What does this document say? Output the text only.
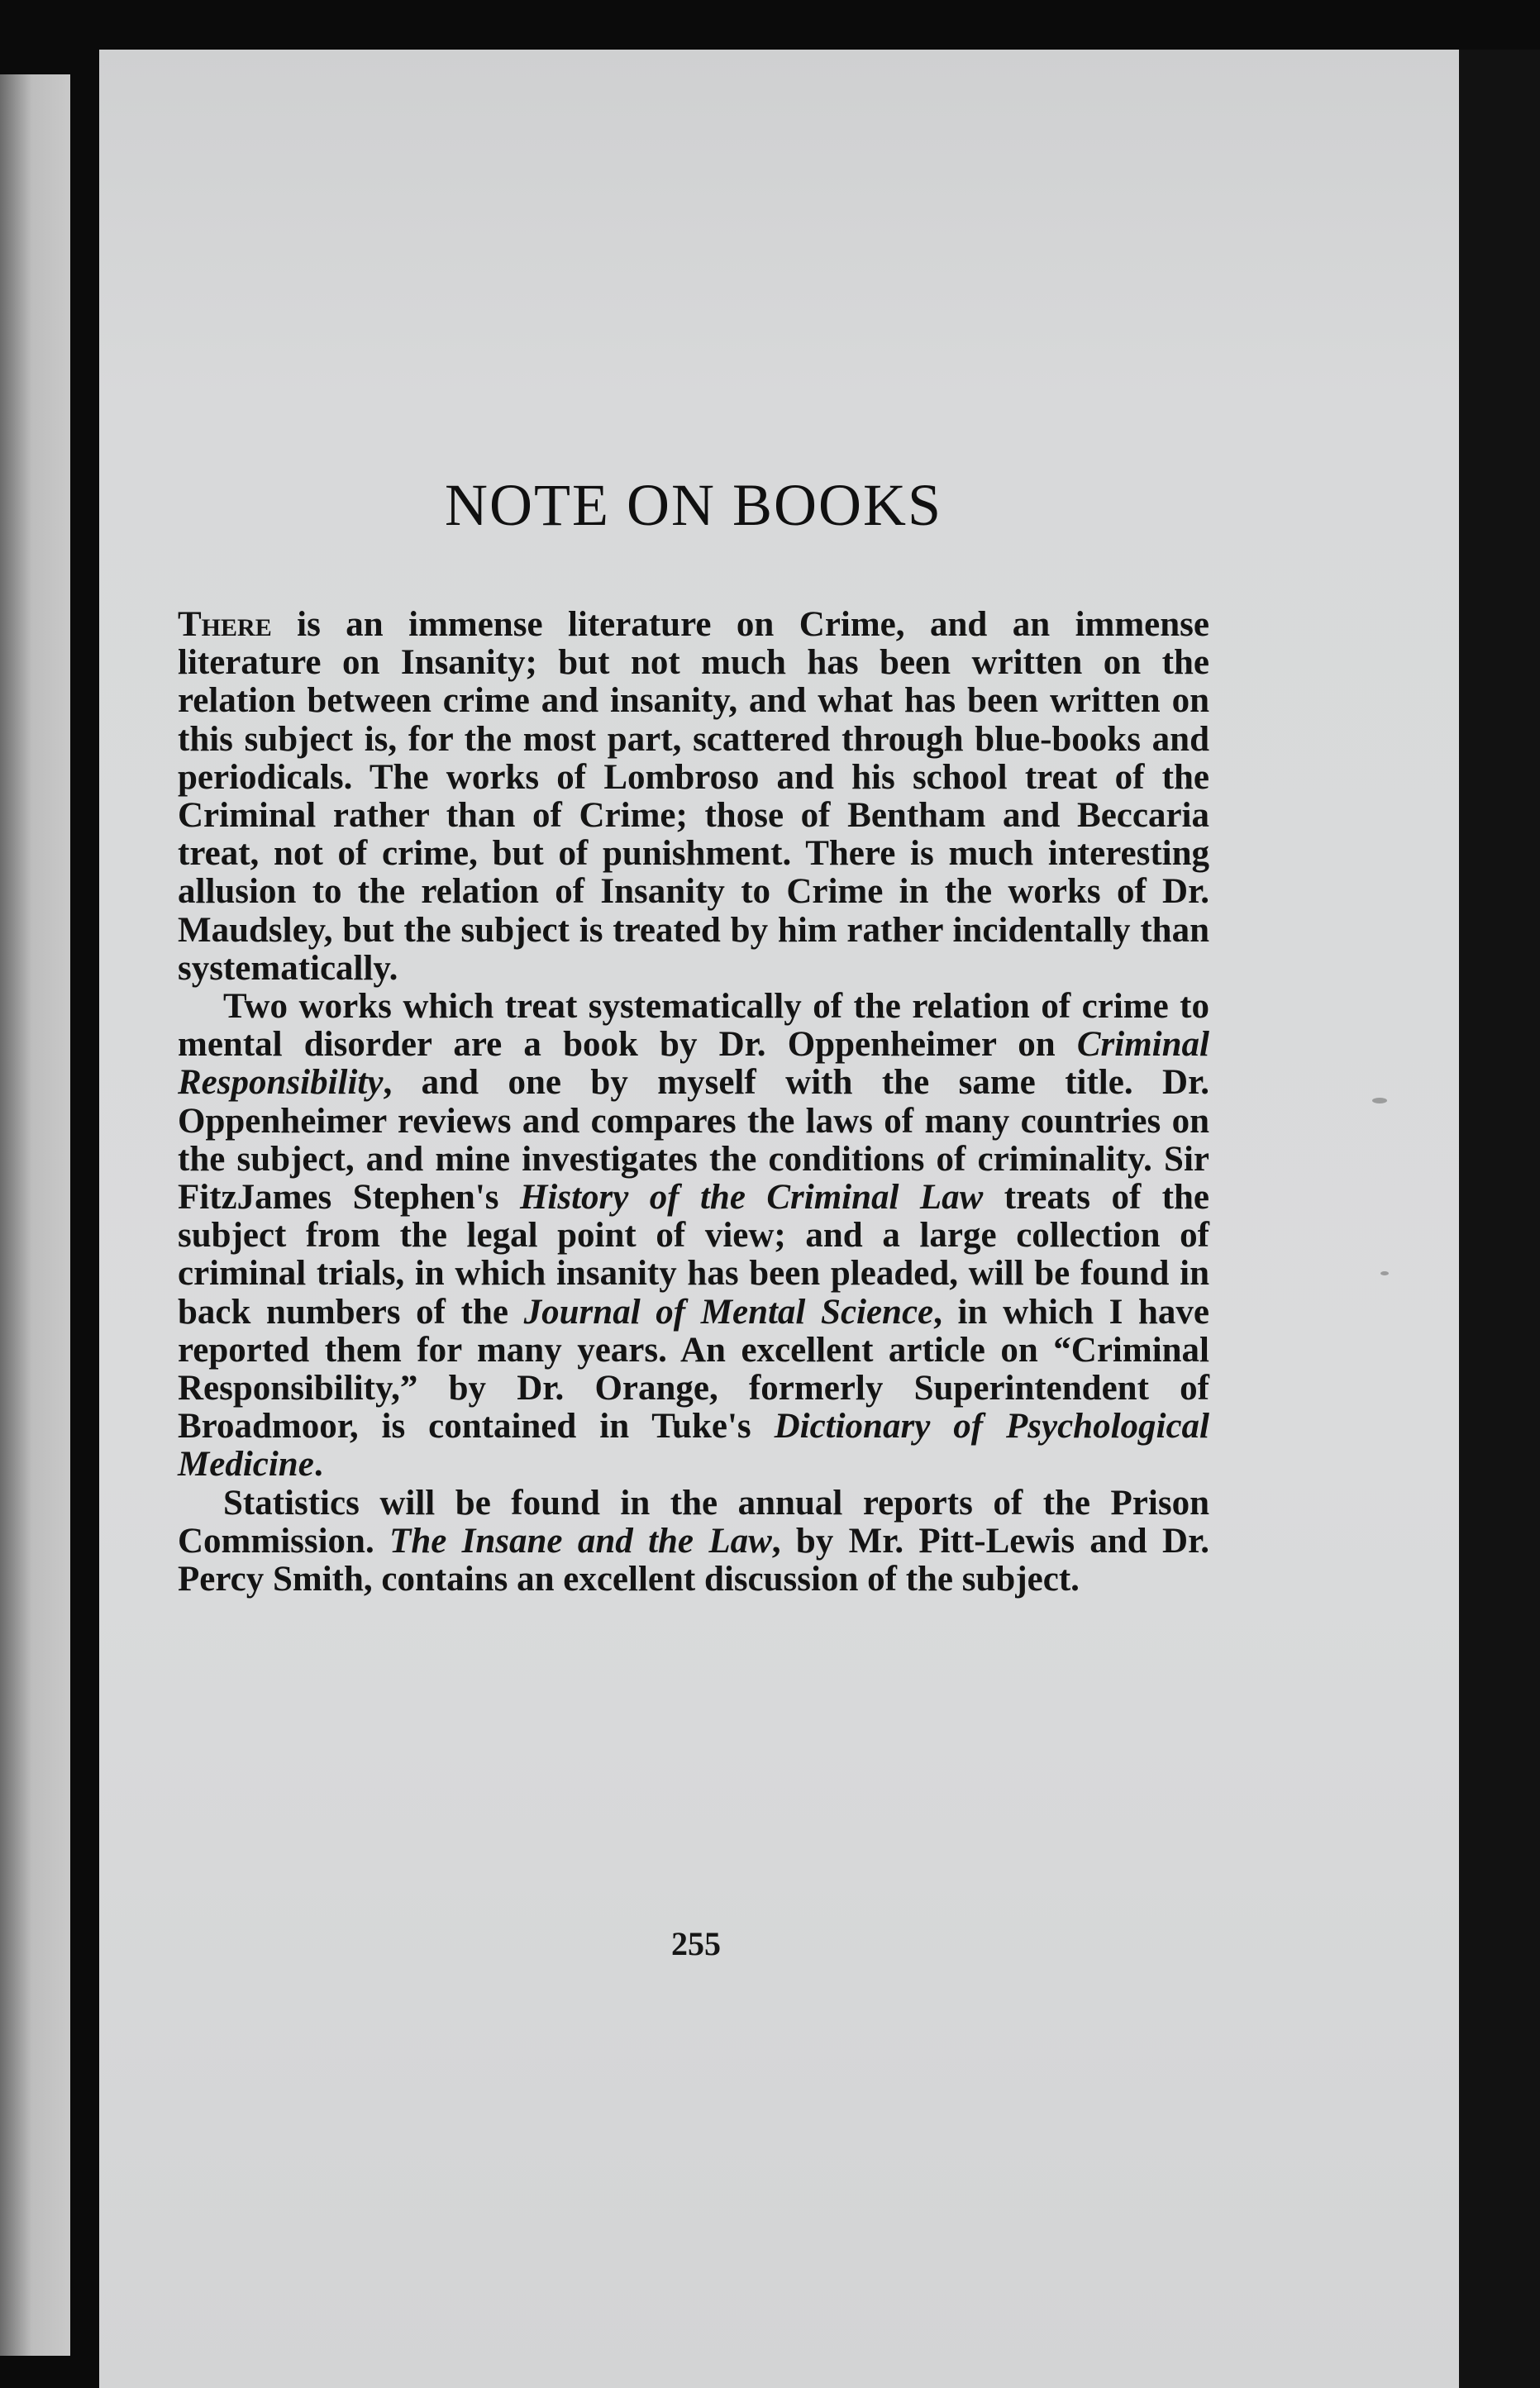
NOTE ON BOOKS

There is an immense literature on Crime, and an immense literature on Insanity; but not much has been written on the relation between crime and insanity, and what has been written on this subject is, for the most part, scattered through blue-books and periodicals. The works of Lombroso and his school treat of the Criminal rather than of Crime; those of Bentham and Beccaria treat, not of crime, but of punishment. There is much interesting allusion to the relation of Insanity to Crime in the works of Dr. Maudsley, but the subject is treated by him rather incidentally than systematically.

Two works which treat systematically of the relation of crime to mental disorder are a book by Dr. Oppenheimer on Criminal Responsibility, and one by myself with the same title. Dr. Oppenheimer reviews and compares the laws of many countries on the subject, and mine investigates the conditions of criminality. Sir FitzJames Stephen's History of the Criminal Law treats of the subject from the legal point of view; and a large collection of criminal trials, in which insanity has been pleaded, will be found in back numbers of the Journal of Mental Science, in which I have reported them for many years. An excellent article on “Criminal Responsibility,” by Dr. Orange, formerly Superintendent of Broadmoor, is contained in Tuke's Dictionary of Psychological Medicine.

Statistics will be found in the annual reports of the Prison Commission. The Insane and the Law, by Mr. Pitt-Lewis and Dr. Percy Smith, contains an excellent discussion of the subject.

255
